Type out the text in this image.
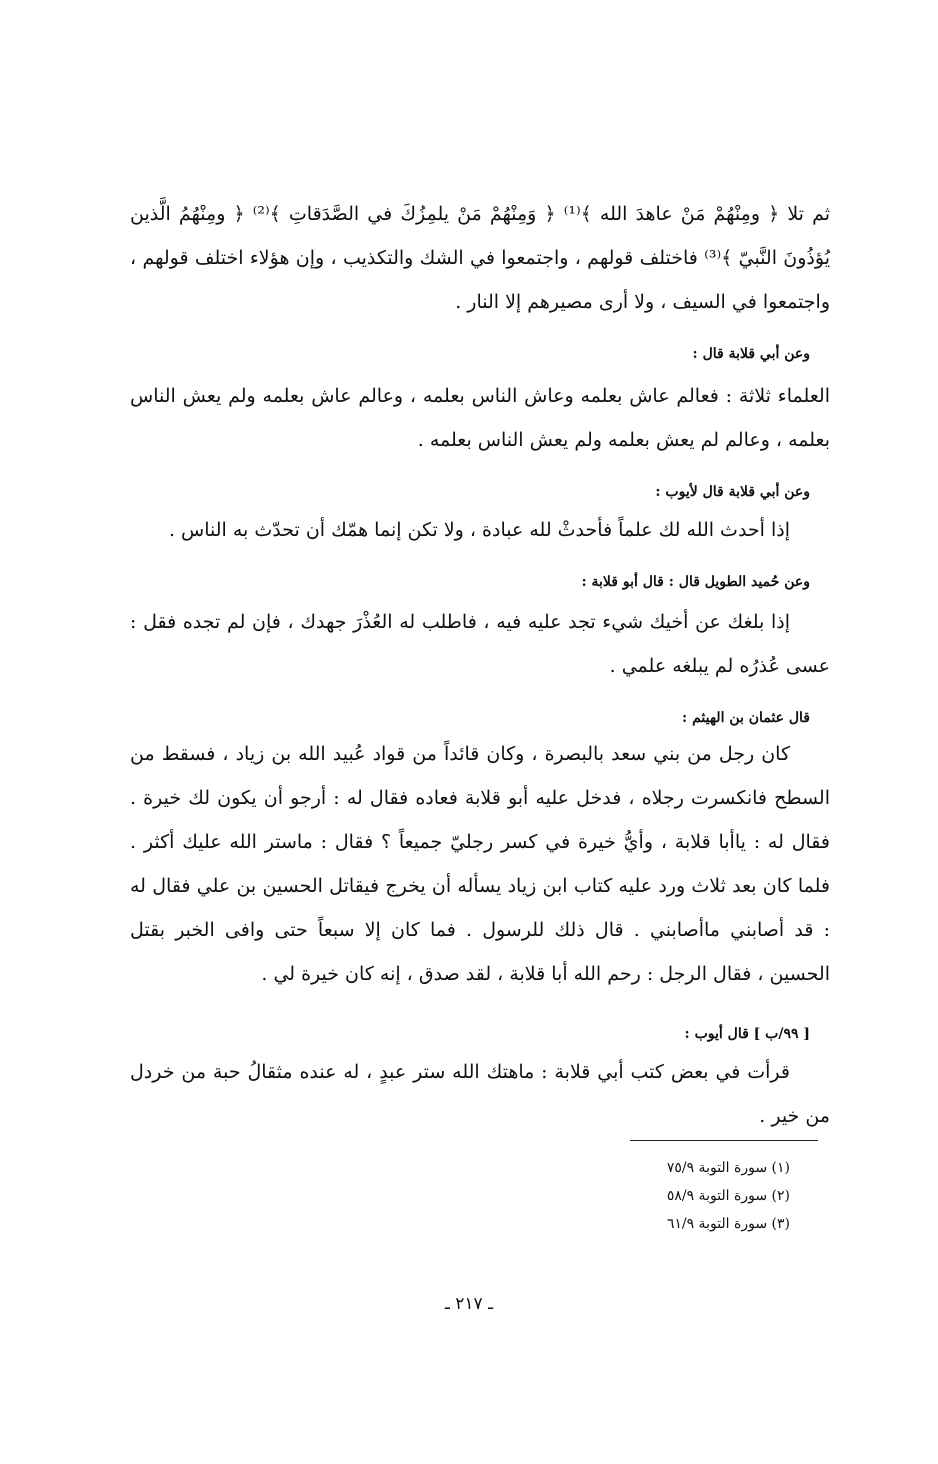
ثم تلا ﴿ ومِنْهُمْ مَنْ عاهدَ الله ﴾⁽¹⁾ ﴿ وَمِنْهُمْ مَنْ يلمِزُكَ في الصَّدَقاتِ ﴾⁽²⁾ ﴿ ومِنْهُمُ الَّذين يُؤذُونَ النَّبيّ ﴾⁽³⁾ فاختلف قولهم ، واجتمعوا في الشك والتكذيب ، وإن هؤلاء اختلف قولهم ، واجتمعوا في السيف ، ولا أرى مصيرهم إلا النار .

وعن أبي قلابة قال :

العلماء ثلاثة : فعالم عاش بعلمه وعاش الناس بعلمه ، وعالم عاش بعلمه ولم يعش الناس بعلمه ، وعالم لم يعش بعلمه ولم يعش الناس بعلمه .

وعن أبي قلابة قال لأيوب :

إذا أحدث الله لك علماً فأحدثْ لله عبادة ، ولا تكن إنما همّك أن تحدّث به الناس .

وعن حُميد الطويل قال : قال أبو قلابة :

إذا بلغك عن أخيك شيء تجد عليه فيه ، فاطلب له العُذْرَ جهدك ، فإن لم تجده فقل : عسى عُذرُه لم يبلغه علمي .

قال عثمان بن الهيثم :

كان رجل من بني سعد بالبصرة ، وكان قائداً من قواد عُبيد الله بن زياد ، فسقط من السطح فانكسرت رجلاه ، فدخل عليه أبو قلابة فعاده فقال له : أرجو أن يكون لك خيرة . فقال له : ياأبا قلابة ، وأيُّ خيرة في كسر رجليّ جميعاً ؟ فقال : ماستر الله عليك أكثر . فلما كان بعد ثلاث ورد عليه كتاب ابن زياد يسأله أن يخرج فيقاتل الحسين بن علي فقال له : قد أصابني ماأصابني . قال ذلك للرسول . فما كان إلا سبعاً حتى وافى الخبر بقتل الحسين ، فقال الرجل : رحم الله أبا قلابة ، لقد صدق ، إنه كان خيرة لي .

[ ٩٩/ب ] قال أيوب :

قرأت في بعض كتب أبي قلابة : ماهتك الله ستر عبدٍ ، له عنده مثقالُ حبة من خردل من خير .

(١) سورة التوبة ٧٥/٩
(٢) سورة التوبة ٥٨/٩
(٣) سورة التوبة ٦١/٩
ـ ٢١٧ ـ
